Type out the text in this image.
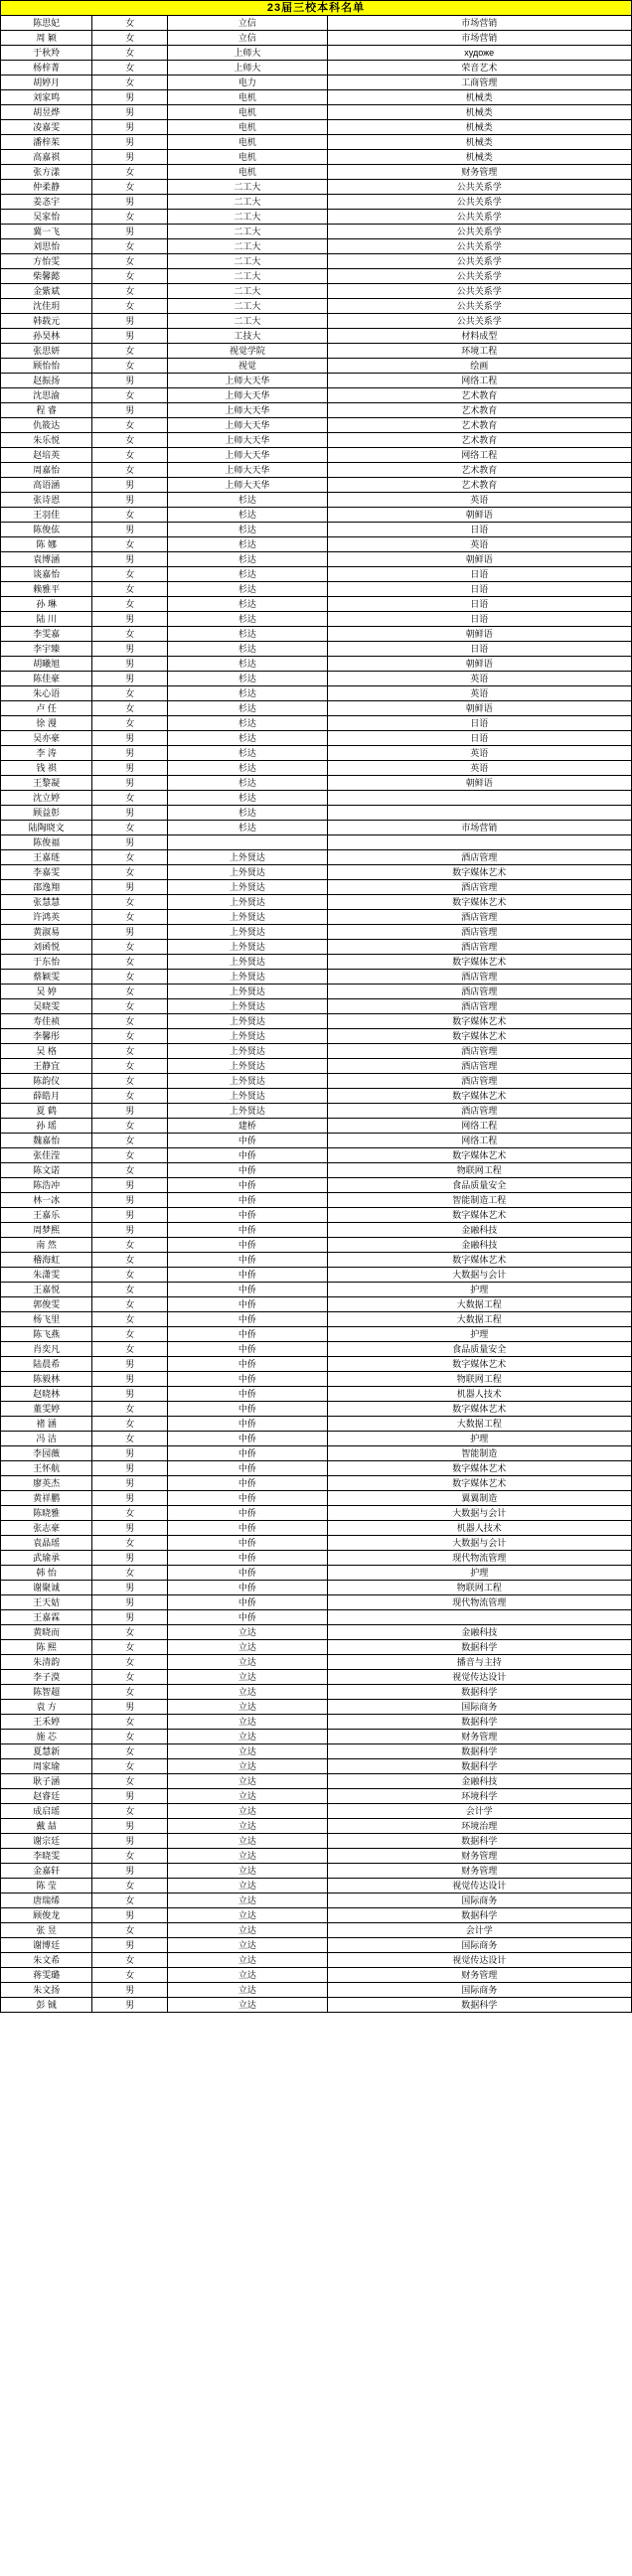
23届三校本科名单			
陈思妃	女	立信	市场营销
周 颖	女	立信	市场营销
于秋羚	女	上师大	художе
杨梓菁	女	上师大	荣音艺术
胡婷月	女	电力	工商管理
刘家鸣	男	电机	机械类
胡昱烨	男	电机	机械类
凌嘉雯	男	电机	机械类
潘梓茱	男	电机	机械类
高嘉祺	男	电机	机械类
张方漾	女	电机	财务管理
仲柔静	女	二工大	公共关系学
姜忞宇	男	二工大	公共关系学
吴家怡	女	二工大	公共关系学
冀一飞	男	二工大	公共关系学
刘思怡	女	二工大	公共关系学
方怡雯	女	二工大	公共关系学
柴馨懿	女	二工大	公共关系学
金紫斌	女	二工大	公共关系学
沈佳玥	女	二工大	公共关系学
韩载元	男	二工大	公共关系学
孙昊林	男	工技大	材料成型
张思妍	女	视觉学院	环境工程
顾怡怡	女	视觉	绘画
赵振扬	男	上师大天华	网络工程
沈思渝	女	上师大天华	艺术教育
程 睿	男	上师大天华	艺术教育
仇筱达	女	上师大天华	艺术教育
朱乐悦	女	上师大天华	艺术教育
赵培英	女	上师大天华	网络工程
周嘉怡	女	上师大天华	艺术教育
高语涵	男	上师大天华	艺术教育
张诗恩	男	杉达	英语
王羽佳	女	杉达	朝鲜语
陈俊伭	男	杉达	日语
陈 娜	女	杉达	英语
袁博涵	男	杉达	朝鲜语
谈嘉怡	女	杉达	日语
赖雅平	女	杉达	日语
孙 琳	女	杉达	日语
陆 川	男	杉达	日语
李雯嘉	女	杉达	朝鲜语
李宇臻	男	杉达	日语
胡曦旭	男	杉达	朝鲜语
陈佳豪	男	杉达	英语
朱心语	女	杉达	英语
卢 任	女	杉达	朝鲜语
徐 漫	女	杉达	日语
吴亦豪	男	杉达	日语
李 涛	男	杉达	英语
钱 祺	男	杉达	英语
王黎凝	男	杉达	朝鲜语
沈立婷	女	杉达	
顾益彰	男	杉达	
陆陶晓文	女	杉达	市场营销
陈俊福	男		
王嘉琏	女	上外贤达	酒店管理
李嘉雯	女	上外贤达	数字媒体艺术
邵逸翔	男	上外贤达	酒店管理
张慧慧	女	上外贤达	数字媒体艺术
许鸿英	女	上外贤达	酒店管理
黄淑易	男	上外贤达	酒店管理
刘函悦	女	上外贤达	酒店管理
于东怡	女	上外贤达	数字媒体艺术
蔡颖雯	女	上外贤达	酒店管理
吴 婷	女	上外贤达	酒店管理
吴晓雯	女	上外贤达	酒店管理
寿佳祯	女	上外贤达	数字媒体艺术
李馨彤	女	上外贤达	数字媒体艺术
吴 格	女	上外贤达	酒店管理
王静宜	女	上外贤达	酒店管理
陈韵仪	女	上外贤达	酒店管理
薛皓月	女	上外贤达	数字媒体艺术
夏 鹤	男	上外贤达	酒店管理
孙 瑶	女	建桥	网络工程
魏嘉怡	女	中侨	网络工程
张佳滢	女	中侨	数字媒体艺术
陈文诺	女	中侨	物联网工程
陈浩冲	男	中侨	食品质量安全
林一冰	男	中侨	智能制造工程
王嘉乐	男	中侨	数字媒体艺术
周梦熙	男	中侨	金融科技
南 然	女	中侨	金融科技
稽海虹	女	中侨	数字媒体艺术
朱潇雯	女	中侨	大数据与会计
王嘉悦	女	中侨	护理
郭俊雯	女	中侨	大数据工程
杨飞里	女	中侨	大数据工程
陈飞燕	女	中侨	护理
肖奕凡	女	中侨	食品质量安全
陆晨希	男	中侨	数字媒体艺术
陈毅林	男	中侨	物联网工程
赵晓林	男	中侨	机器人技术
董雯婷	女	中侨	数字媒体艺术
褚 涵	女	中侨	大数据工程
冯 洁	女	中侨	护理
李园薇	男	中侨	智能制造
王怀航	男	中侨	数字媒体艺术
廖英杰	男	中侨	数字媒体艺术
黄祥鹏	男	中侨	翼翼制造
陈晓雅	女	中侨	大数据与会计
张志豪	男	中侨	机器人技术
袁晶瑶	女	中侨	大数据与会计
武瑜承	男	中侨	现代物流管理
韩 怡	女	中侨	护理
谢聚诚	男	中侨	物联网工程
王天姑	男	中侨	现代物流管理
王嘉霖	男	中侨	
黄晓而	女	立达	金融科技
陈 熙	女	立达	数据科学
朱清韵	女	立达	播音与主持
李子漠	女	立达	视觉传达设计
陈智超	女	立达	数据科学
袁 方	男	立达	国际商务
王禾婷	女	立达	数据科学
施 芯	女	立达	财务管理
夏慧新	女	立达	数据科学
周家瑜	女	立达	数据科学
耿子涵	女	立达	金融科技
赵睿廷	男	立达	环境科学
成启瑶	女	立达	会计学
戴 喆	男	立达	环境治理
谢宗廷	男	立达	数据科学
李晓雯	女	立达	财务管理
金嘉轩	男	立达	财务管理
陈 莹	女	立达	视觉传达设计
唐瑞烯	女	立达	国际商务
顾俊龙	男	立达	数据科学
张 昱	女	立达	会计学
谢博廷	男	立达	国际商务
朱文希	女	立达	视觉传达设计
蒋雯璐	女	立达	财务管理
朱文扬	男	立达	国际商务
彭 铖	男	立达	数据科学
